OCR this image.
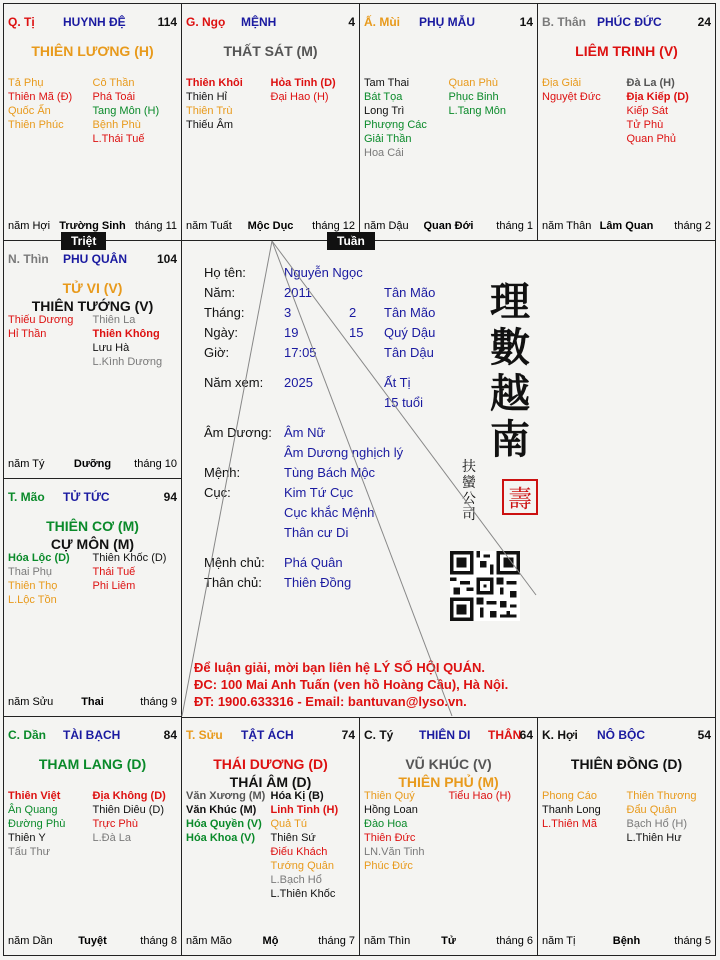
Q. Tị HUYNH ĐỆ	114
THIÊN LƯƠNG (H)
Tả Phụ
Thiên Mã (Đ)
Quốc Ấn
Thiên Phúc
Cô Thần
Phá Toái
Tang Môn (H)
Bệnh Phù
L.Thái Tuế
năm Hợi Trường Sinh tháng 11
G. Ngọ MỆNH	4
THẤT SÁT (M)
Thiên Khôi
Thiên Hỉ
Thiên Trù
Thiếu Âm
Hỏa Tinh (D)
Đại Hao (H)
năm Tuất	Mộc Dục	tháng 12
Ấ. Mùi PHỤ MẪU	14
Tam Thai
Bát Tọa
Long Trì
Phượng Các
Giải Thần
Hoa Cái
Quan Phù
Phục Binh
L.Tang Môn
năm Dậu	Quan Đới	tháng 1
B. Thân PHÚC ĐỨC	24
LIÊM TRINH (V)
Địa Giải
Nguyệt Đức
Đà La (H)
Địa Kiếp (D)
Kiếp Sát
Tử Phù
Quan Phủ
năm Thân Lâm Quan	tháng 2
N. Thìn PHU QUÂN 104
TỬ VI (V)
THIÊN TƯỚNG (V)
Thiếu Dương
Hỉ Thần
Thiên La
Thiên Không
Lưu Hà
L.Kình Dương
năm Tý	Dưỡng	tháng 10
T. Mão TỬ TỨC	94
THIÊN CƠ (M)
CỰ MÔN (M)
Hóa Lộc (D)
Thai Phụ
Thiên Thọ
L.Lộc Tồn
Thiên Khốc (D)
Thái Tuế
Phi Liêm
năm Sửu	Thai	tháng 9
C. Dần TÀI BẠCH	84
THAM LANG (D)
Thiên Việt
Ân Quang
Đường Phù
Thiên Y
Tấu Thư
Địa Không (D)
Thiên Diêu (D)
Trực Phù
L.Đà La
năm Dần	Tuyệt	tháng 8
T. Sửu TẬT ÁCH	74
THÁI DƯƠNG (D)
THÁI ÂM (D)
Văn Xương (M)
Văn Khúc (M)
Hóa Quyền (V)
Hóa Khoa (V)
Hóa Kị (B)
Linh Tinh (H)
Quả Tú
Thiên Sứ
Điếu Khách
Tướng Quân
L.Bạch Hổ
L.Thiên Khốc
năm Mão	Mộ	tháng 7
C. Tý THIÊN DI THÂN
64
VŨ KHÚC (V)
THIÊN PHỦ (M)
Thiên Quý
Hồng Loan
Đào Hoa
Thiên Đức
LN.Văn Tinh
Phúc Đức
Tiểu Hao (H)
năm Thìn	Tử	tháng 6
K. Hợi NÔ BỘC	54
THIÊN ĐỒNG (D)
Phong Cáo
Thanh Long
L.Thiên Mã
Thiên Thương
Đẩu Quân
Bạch Hổ (H)
L.Thiên Hư
năm Tị	Bệnh	tháng 5
Họ tên:	Nguyễn Ngọc
Năm:	2011	Tân Mão
Tháng:	3	2 Tân Mão
Ngày:	19	15 Quý Dậu
Giờ:	17:05	Tân Dậu
Năm xem: 2025	Ất Tị
15 tuổi
Âm Dương: Âm Nữ
Âm Dương nghịch lý
Mệnh:	Tùng Bách Mộc
Cục:	Kim Tứ Cục
Cục khắc Mệnh
Thân cư Di
Mệnh chủ: Phá Quân
Thân chủ: Thiên Đồng
理數越南
扶蠻公司
壽
Để luận giải, mời bạn liên hệ LÝ SỐ HỘI QUÁN.
ĐC: 100 Mai Anh Tuấn (ven hồ Hoàng Cầu), Hà Nội.
ĐT: 1900.633316 - Email: bantuvan@lyso.vn.
Triệt	Tuần
